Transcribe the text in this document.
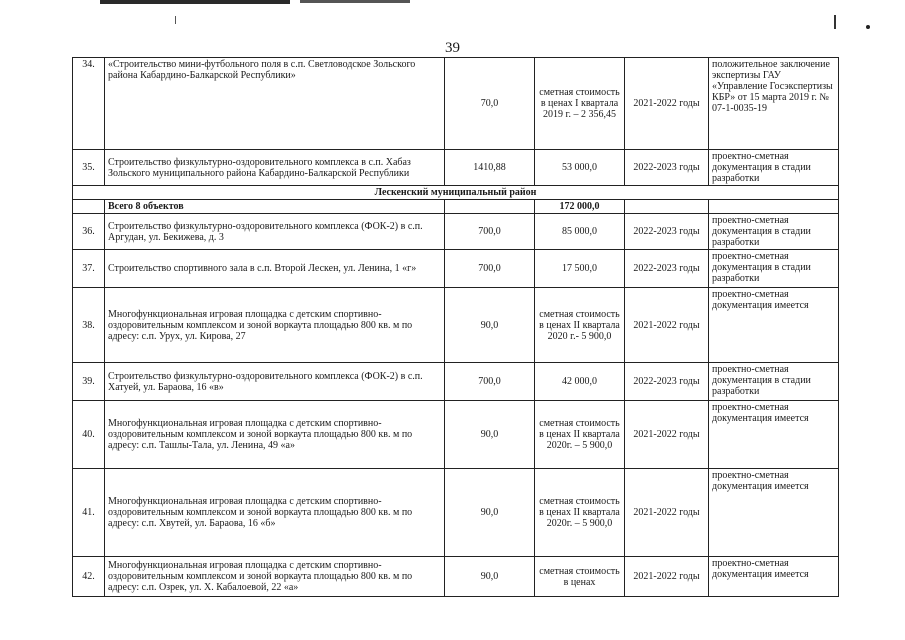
39
34.	«Строительство мини-футбольного поля в с.п. Светловодское Зольского района Кабардино-Балкарской Республики»	70,0	сметная стоимость в ценах I квартала 2019 г. – 2 356,45	2021-2022 годы	положительное заключение экспертизы ГАУ «Управление Госэкспертизы КБР» от 15 марта 2019 г. № 07-1-0035-19
35.	Строительство физкультурно-оздоровительного комплекса в с.п. Хабаз Зольского муниципального района Кабардино-Балкарской Республики	1410,88	53 000,0	2022-2023 годы	проектно-сметная документация в стадии разработки
Лескенский муниципальный район					
	Всего 8 объектов		172 000,0		
36.	Строительство физкультурно-оздоровительного комплекса (ФОК-2) в с.п. Аргудан, ул. Бекижева, д. 3	700,0	85 000,0	2022-2023 годы	проектно-сметная документация в стадии разработки
37.	Строительство спортивного зала в с.п. Второй Лескен, ул. Ленина, 1 «г»	700,0	17 500,0	2022-2023 годы	проектно-сметная документация в стадии разработки
38.	Многофункциональная игровая площадка с детским спортивно- оздоровительным комплексом и зоной воркаута площадью 800 кв. м по адресу: с.п. Урух, ул. Кирова, 27	90,0	сметная стоимость в ценах II квартала 2020 г.- 5 900,0	2021-2022 годы	проектно-сметная документация имеется
39.	Строительство физкультурно-оздоровительного комплекса (ФОК-2) в с.п. Хатуей, ул. Бараова, 16 «в»	700,0	42 000,0	2022-2023 годы	проектно-сметная документация в стадии разработки
40.	Многофункциональная игровая площадка с детским спортивно-оздоровительным комплексом и зоной воркаута площадью 800 кв. м по адресу: с.п. Ташлы-Тала, ул. Ленина, 49 «а»	90,0	сметная стоимость в ценах II квартала 2020г. – 5 900,0	2021-2022 годы	проектно-сметная документация имеется
41.	Многофункциональная игровая площадка с детским спортивно-оздоровительным комплексом и зоной воркаута площадью 800 кв. м по адресу: с.п. Хвутей, ул. Бараова, 16 «б»	90,0	сметная стоимость в ценах II квартала 2020г. – 5 900,0	2021-2022 годы	проектно-сметная документация имеется
42.	Многофункциональная игровая площадка с детским спортивно-оздоровительным комплексом и зоной воркаута площадью 800 кв. м по адресу: с.п. Озрек, ул. Х. Кабалоевой, 22 «а»	90,0	сметная стоимость в ценах	2021-2022 годы	проектно-сметная документация имеется
